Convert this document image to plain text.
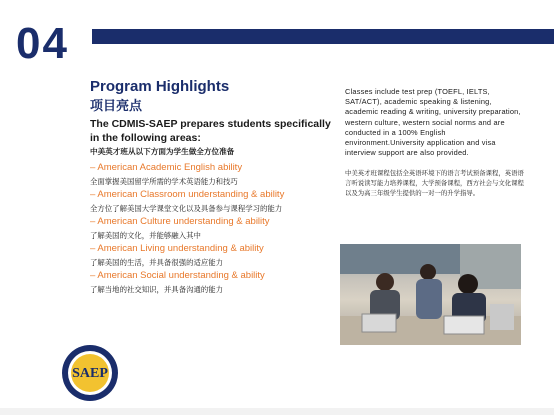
04
Program Highlights
项目亮点
The CDMIS-SAEP prepares students specifically in the following areas:
中美英才班从以下方面为学生做全方位准备
– American Academic English ability
全面掌握美国留学所需的学术英语能力和技巧
– American Classroom understanding & ability
全方位了解美国大学课堂文化以及具备参与课程学习的能力
– American Culture understanding & ability
了解美国的文化，并能够融入其中
– American Living understanding & ability
了解美国的生活，并具备很强的适应能力
– American Social understanding & ability
了解当地的社交知识，并具备沟通的能力
Classes include test prep (TOEFL, IELTS, SAT/ACT), academic speaking & listening, academic reading & writing, university preparation, western culture, western social norms and are conducted in a 100% English environment.University application and visa interview support are also provided.
中美英才班课程包括全英语环境下的语言考试预备课程，英语语言听说读写能力培养课程，大学预备课程，西方社会与文化课程以及为高三年级学生提供的一对一的升学指导。
SAEP
